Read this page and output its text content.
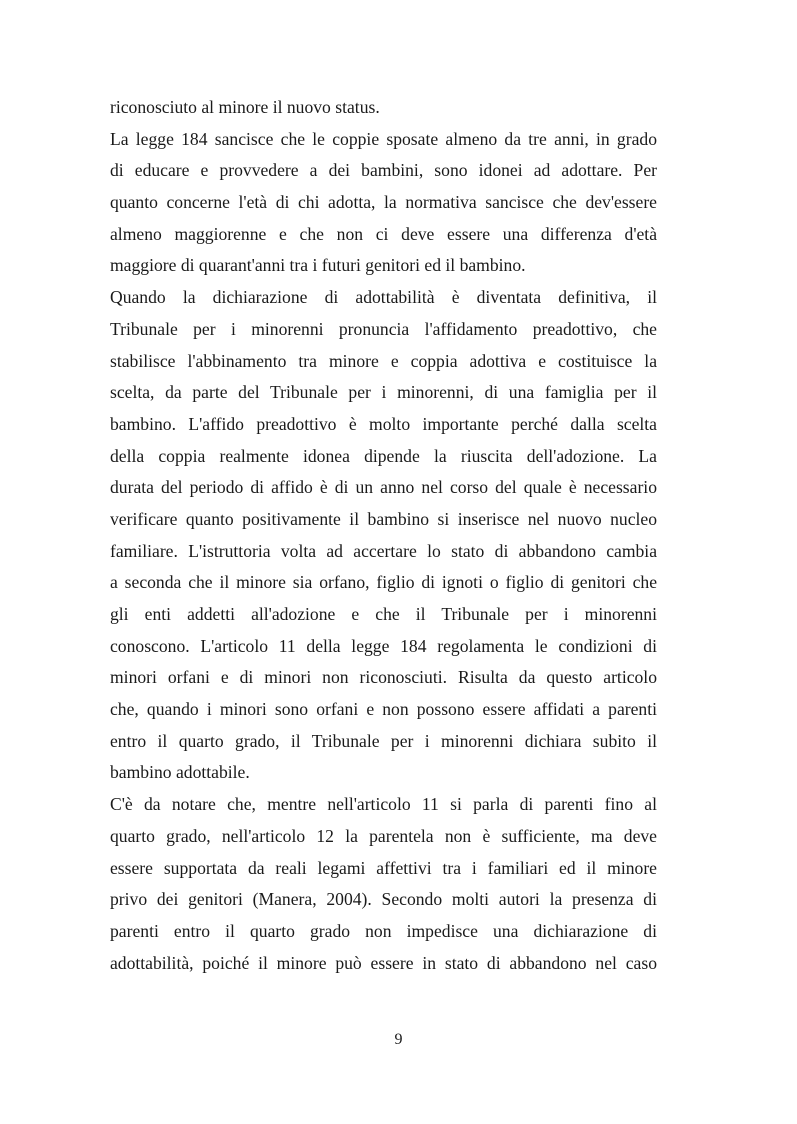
riconosciuto al minore il nuovo status.
La legge 184 sancisce che le coppie sposate almeno da tre anni, in grado
di educare e provvedere a dei bambini, sono idonei ad adottare. Per
quanto concerne l'età di chi adotta, la normativa sancisce che dev'essere
almeno maggiorenne e che non ci deve essere una differenza d'età
maggiore di quarant'anni tra i futuri genitori ed il bambino.
Quando la dichiarazione di adottabilità è diventata definitiva, il
Tribunale per i minorenni pronuncia l'affidamento preadottivo, che
stabilisce l'abbinamento tra minore e coppia adottiva e costituisce la
scelta, da parte del Tribunale per i minorenni, di una famiglia per il
bambino. L'affido preadottivo è molto importante perché dalla scelta
della coppia realmente idonea dipende la riuscita dell'adozione. La
durata del periodo di affido è di un anno nel corso del quale è necessario
verificare quanto positivamente il bambino si inserisce nel nuovo nucleo
familiare. L'istruttoria volta ad accertare lo stato di abbandono cambia
a seconda che il minore sia orfano, figlio di ignoti o figlio di genitori che
gli enti addetti all'adozione e che il Tribunale per i minorenni
conoscono. L'articolo 11 della legge 184 regolamenta le condizioni di
minori orfani e di minori non riconosciuti. Risulta da questo articolo
che, quando i minori sono orfani e non possono essere affidati a parenti
entro il quarto grado, il Tribunale per i minorenni dichiara subito il
bambino adottabile.
C'è da notare che, mentre nell'articolo 11 si parla di parenti fino al
quarto grado, nell'articolo 12 la parentela non è sufficiente, ma deve
essere supportata da reali legami affettivi tra i familiari ed il minore
privo dei genitori (Manera, 2004). Secondo molti autori la presenza di
parenti entro il quarto grado non impedisce una dichiarazione di
adottabilità, poiché il minore può essere in stato di abbandono nel caso
9
